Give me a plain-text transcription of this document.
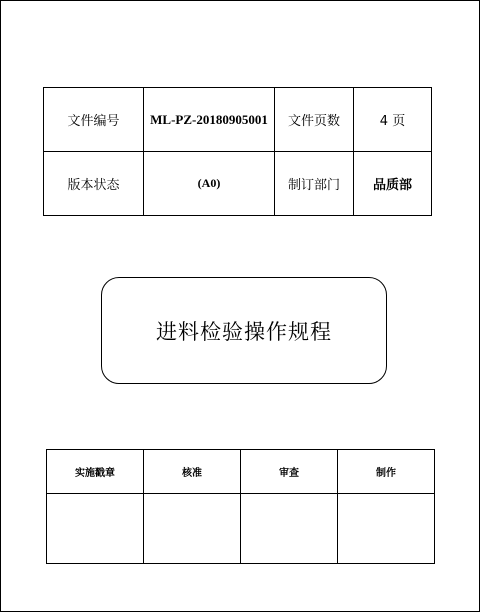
文件编号	ML-PZ-20180905001	文件页数	4 页
版本状态	(A0)	制订部门	品质部
进料检验操作规程
实施戳章	核准	审查	制作
